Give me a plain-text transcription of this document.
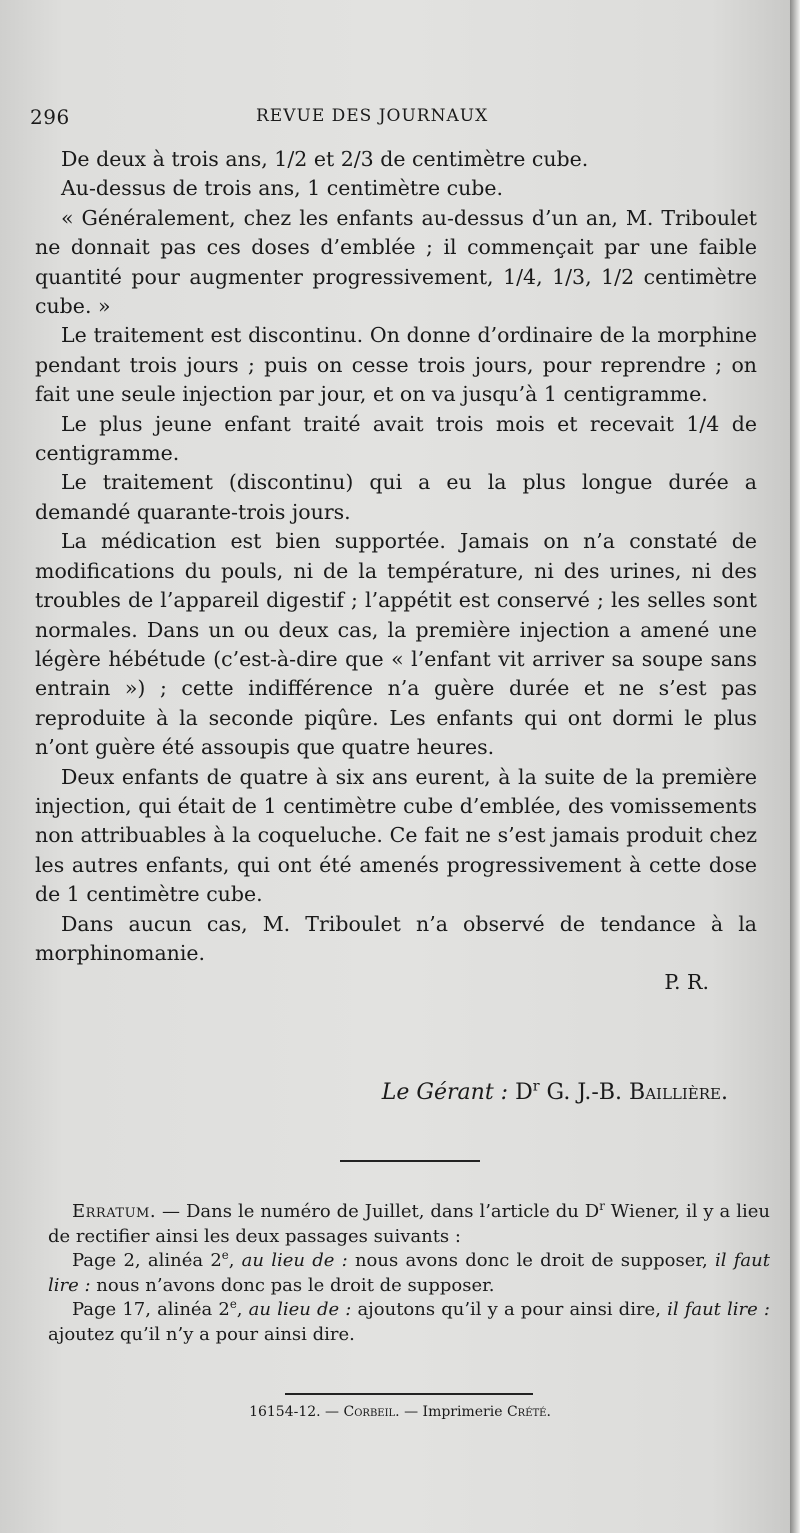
296	REVUE DES JOURNAUX

De deux à trois ans, 1/2 et 2/3 de centimètre cube.

Au-dessus de trois ans, 1 centimètre cube.

« Généralement, chez les enfants au-dessus d’un an, M. Triboulet ne donnait pas ces doses d’emblée ; il commençait par une faible quantité pour augmenter progressivement, 1/4, 1/3, 1/2 centimètre cube. »

Le traitement est discontinu. On donne d’ordinaire de la morphine pendant trois jours ; puis on cesse trois jours, pour reprendre ; on fait une seule injection par jour, et on va jusqu’à 1 centigramme.

Le plus jeune enfant traité avait trois mois et recevait 1/4 de centigramme.

Le traitement (discontinu) qui a eu la plus longue durée a demandé quarante-trois jours.

La médication est bien supportée. Jamais on n’a constaté de modifications du pouls, ni de la température, ni des urines, ni des troubles de l’appareil digestif ; l’appétit est conservé ; les selles sont normales. Dans un ou deux cas, la première injection a amené une légère hébétude (c’est-à-dire que « l’enfant vit arriver sa soupe sans entrain ») ; cette indifférence n’a guère durée et ne s’est pas reproduite à la seconde piqûre. Les enfants qui ont dormi le plus n’ont guère été assoupis que quatre heures.

Deux enfants de quatre à six ans eurent, à la suite de la première injection, qui était de 1 centimètre cube d’emblée, des vomissements non attribuables à la coqueluche. Ce fait ne s’est jamais produit chez les autres enfants, qui ont été amenés progressivement à cette dose de 1 centimètre cube.

Dans aucun cas, M. Triboulet n’a observé de tendance à la morphinomanie.

P. R.

Le Gérant : $D^r$ G. J.-B. Baillière.

Erratum. — Dans le numéro de Juillet, dans l’article du $D^r$ Wiener, il y a lieu de rectifier ainsi les deux passages suivants :

Page 2, alinéa 2e, au lieu de : nous avons donc le droit de supposer, il faut lire : nous n’avons donc pas le droit de supposer.

Page 17, alinéa 2e, au lieu de : ajoutons qu’il y a pour ainsi dire, il faut lire : ajoutez qu’il n’y a pour ainsi dire.

16154-12. — Corbeil. — Imprimerie Crété.
